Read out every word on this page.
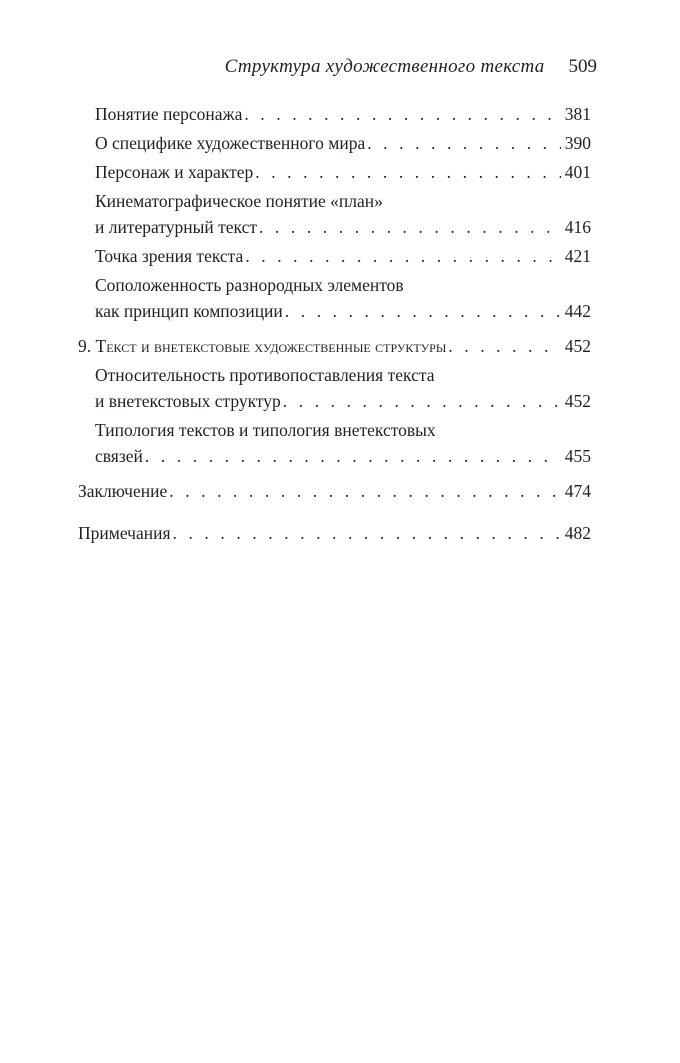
Структура художественного текста 509
Понятие персонажа . . .	381
О специфике художественного мира . . .	390
Персонаж и характер . . .	401
Кинематографическое понятие «план»
и литературный текст . . .	416
Точка зрения текста . . .	421
Соположенность разнородных элементов
как принцип композиции . . .	442
9. Текст и внетекстовые художественные структуры . . .	452
Относительность противопоставления текста
и внетекстовых структур . . .	452
Типология текстов и типология внетекстовых
связей . . .	455
Заключение . . .	474
Примечания . . .	482
